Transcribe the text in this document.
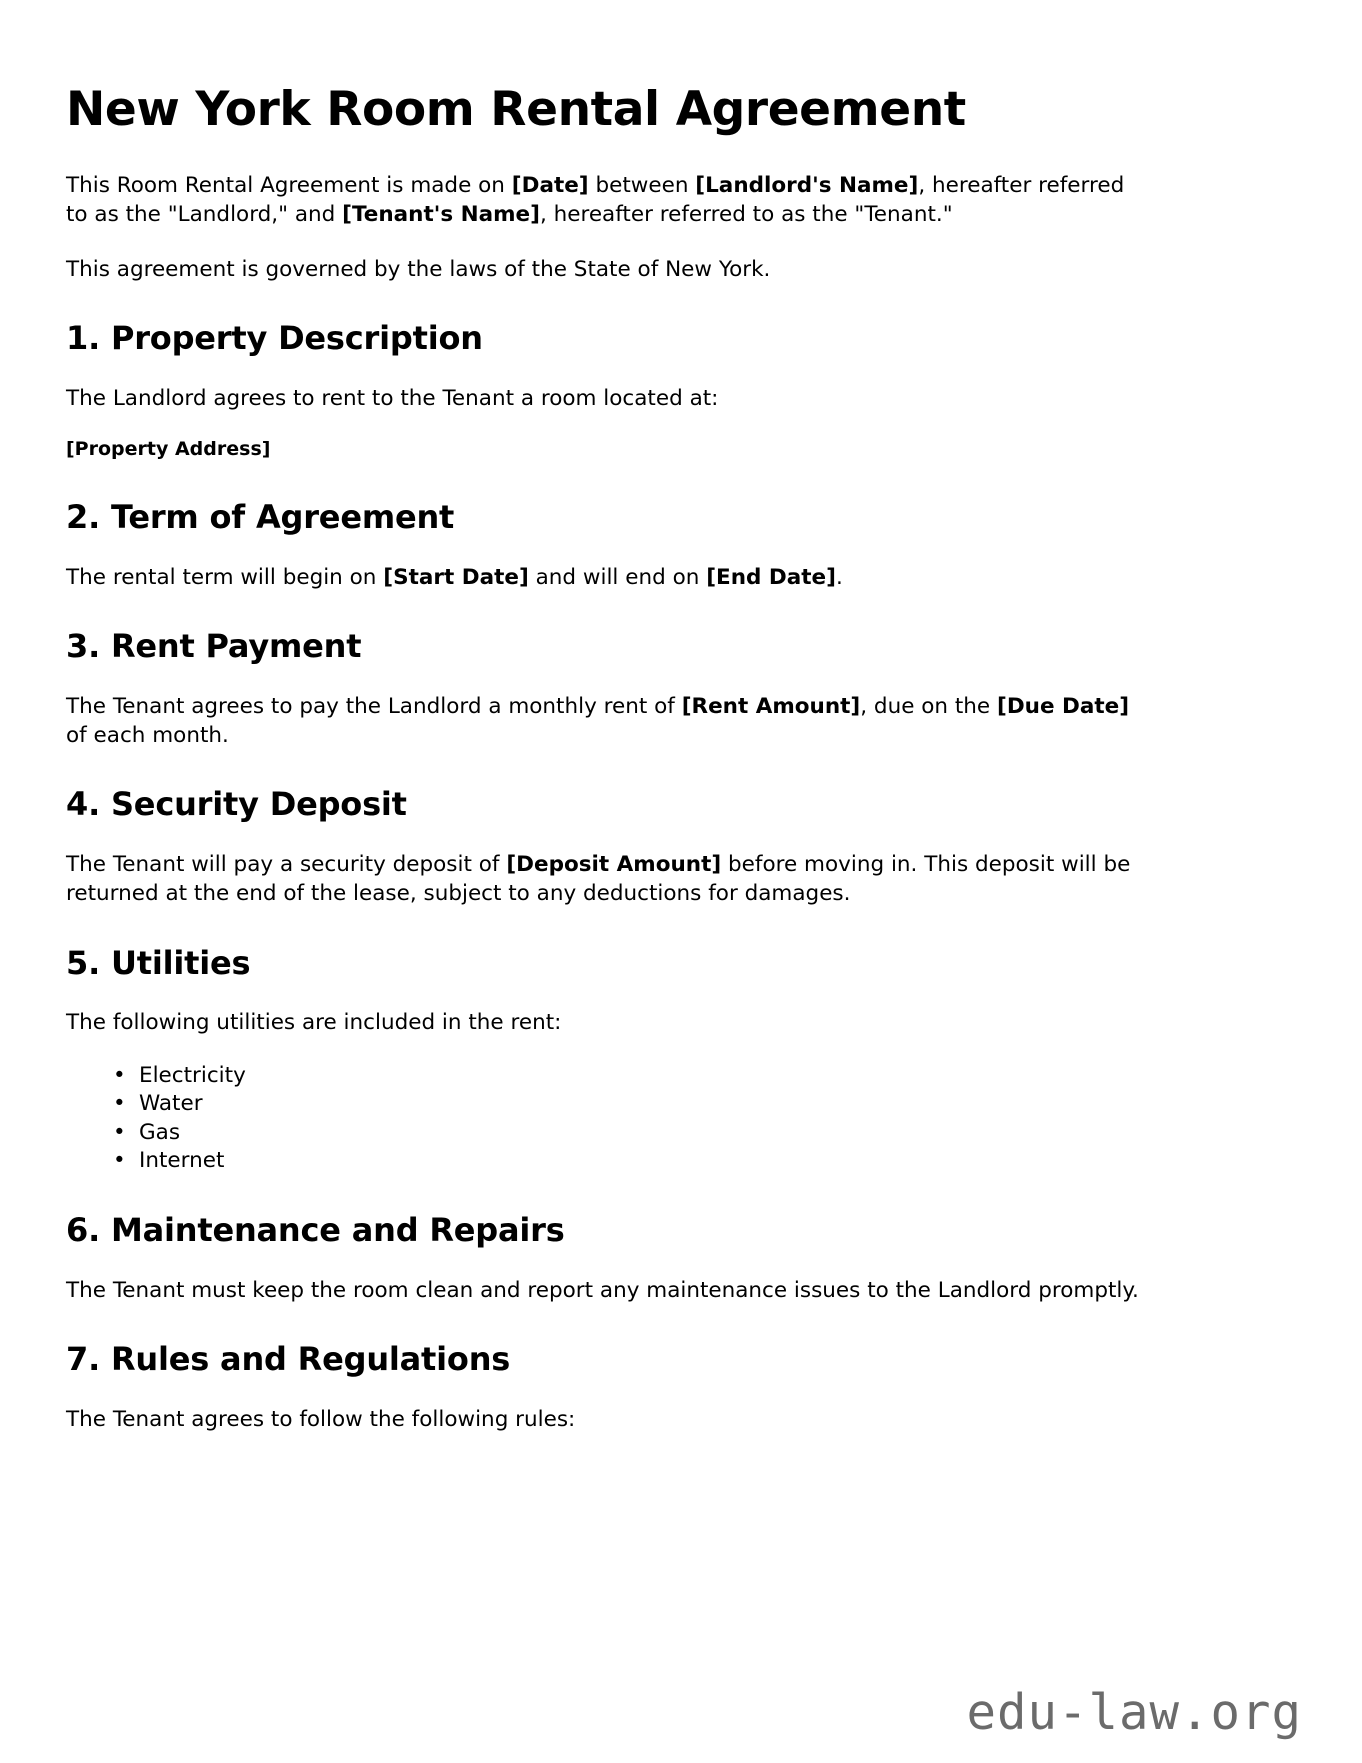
New York Room Rental Agreement

This Room Rental Agreement is made on [Date] between [Landlord's Name], hereafter referred to as the "Landlord," and [Tenant's Name], hereafter referred to as the "Tenant."

This agreement is governed by the laws of the State of New York.

1. Property Description

The Landlord agrees to rent to the Tenant a room located at:

[Property Address]

2. Term of Agreement

The rental term will begin on [Start Date] and will end on [End Date].

3. Rent Payment

The Tenant agrees to pay the Landlord a monthly rent of [Rent Amount], due on the [Due Date] of each month.

4. Security Deposit

The Tenant will pay a security deposit of [Deposit Amount] before moving in. This deposit will be returned at the end of the lease, subject to any deductions for damages.

5. Utilities

The following utilities are included in the rent:

• Electricity
• Water
• Gas
• Internet
6. Maintenance and Repairs

The Tenant must keep the room clean and report any maintenance issues to the Landlord promptly.

7. Rules and Regulations

The Tenant agrees to follow the following rules:

edu-law.org
